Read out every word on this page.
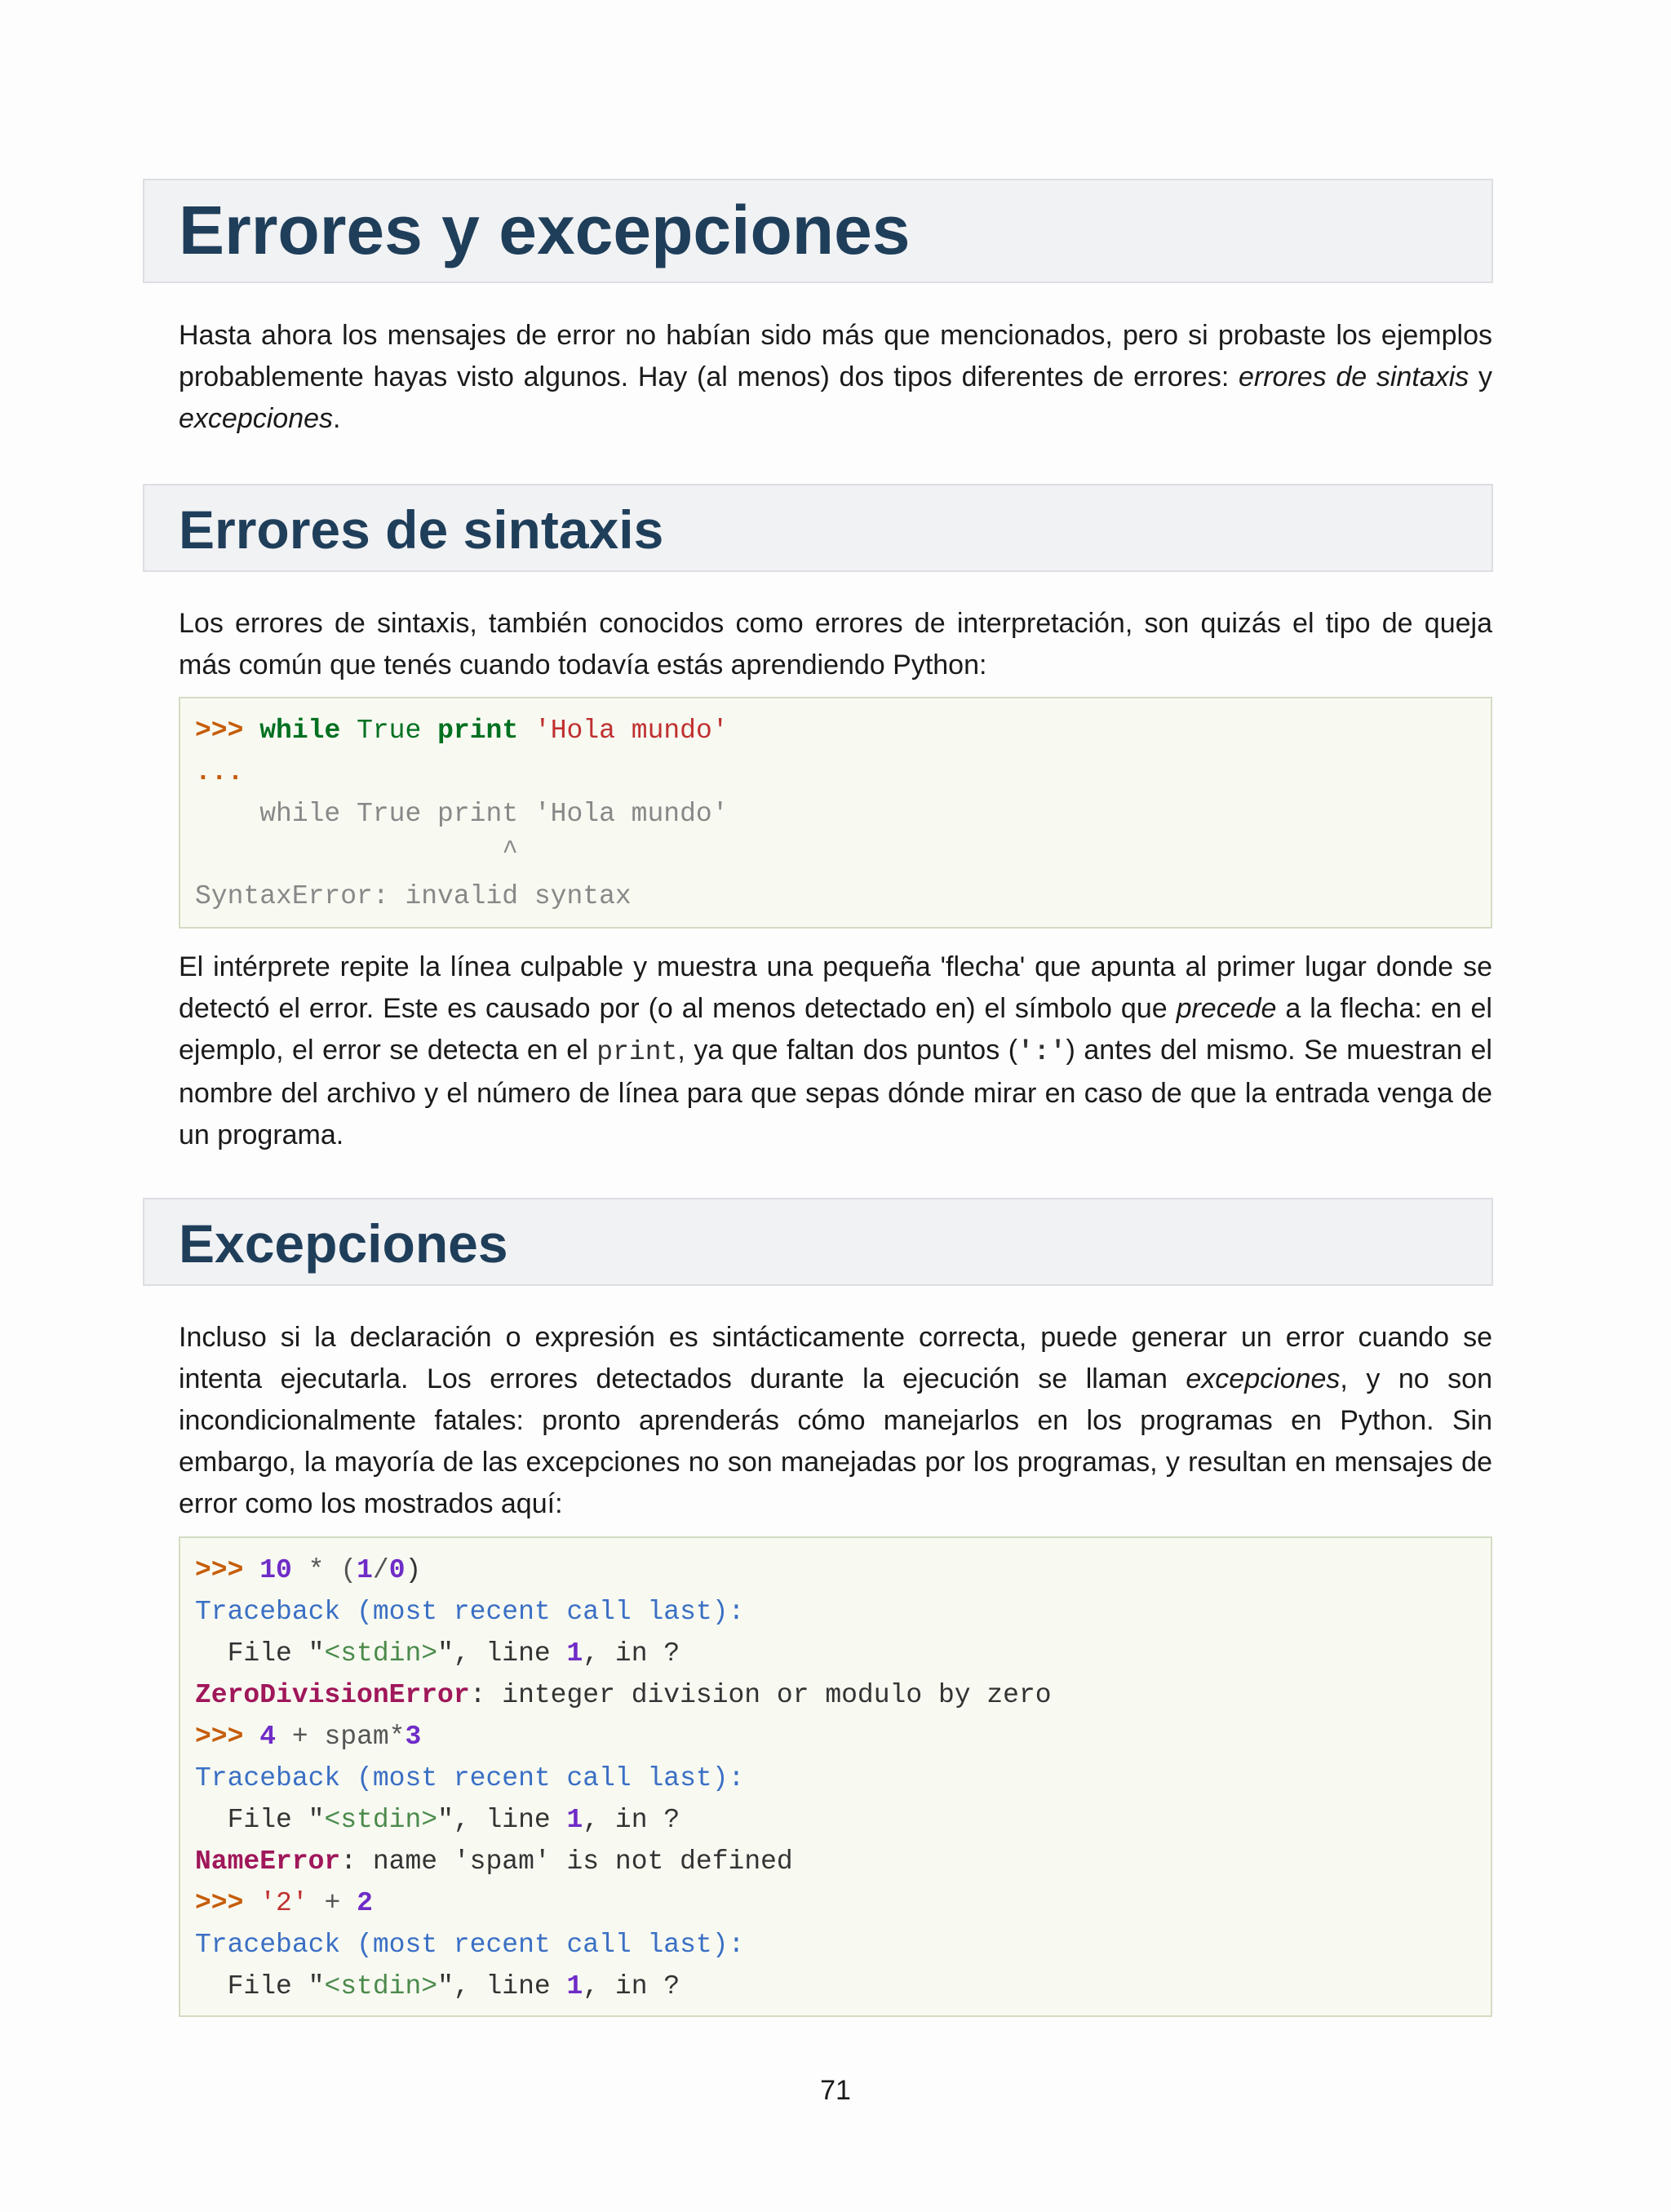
Errores y excepciones

Hasta ahora los mensajes de error no habían sido más que mencionados, pero si probaste los ejemplos probablemente hayas visto algunos. Hay (al menos) dos tipos diferentes de errores: errores de sintaxis y excepciones.

Errores de sintaxis

Los errores de sintaxis, también conocidos como errores de interpretación, son quizás el tipo de queja más común que tenés cuando todavía estás aprendiendo Python:

>>> while True print 'Hola mundo'
...
while True print 'Hola mundo'
^
SyntaxError: invalid syntax

El intérprete repite la línea culpable y muestra una pequeña 'flecha' que apunta al primer lugar donde se detectó el error. Este es causado por (o al menos detectado en) el símbolo que precede a la flecha: en el ejemplo, el error se detecta en el print, ya que faltan dos puntos (':') antes del mismo. Se muestran el nombre del archivo y el número de línea para que sepas dónde mirar en caso de que la entrada venga de un programa.

Excepciones

Incluso si la declaración o expresión es sintácticamente correcta, puede generar un error cuando se intenta ejecutarla. Los errores detectados durante la ejecución se llaman excepciones, y no son incondicionalmente fatales: pronto aprenderás cómo manejarlos en los programas en Python. Sin embargo, la mayoría de las excepciones no son manejadas por los programas, y resultan en mensajes de error como los mostrados aquí:

>>> 10 * (1/0)
Traceback (most recent call last):
File "<stdin>", line 1, in ?
ZeroDivisionError: integer division or modulo by zero
>>> 4 + spam*3
Traceback (most recent call last):
File "<stdin>", line 1, in ?
NameError: name 'spam' is not defined
>>> '2' + 2
Traceback (most recent call last):
File "<stdin>", line 1, in ?
71
